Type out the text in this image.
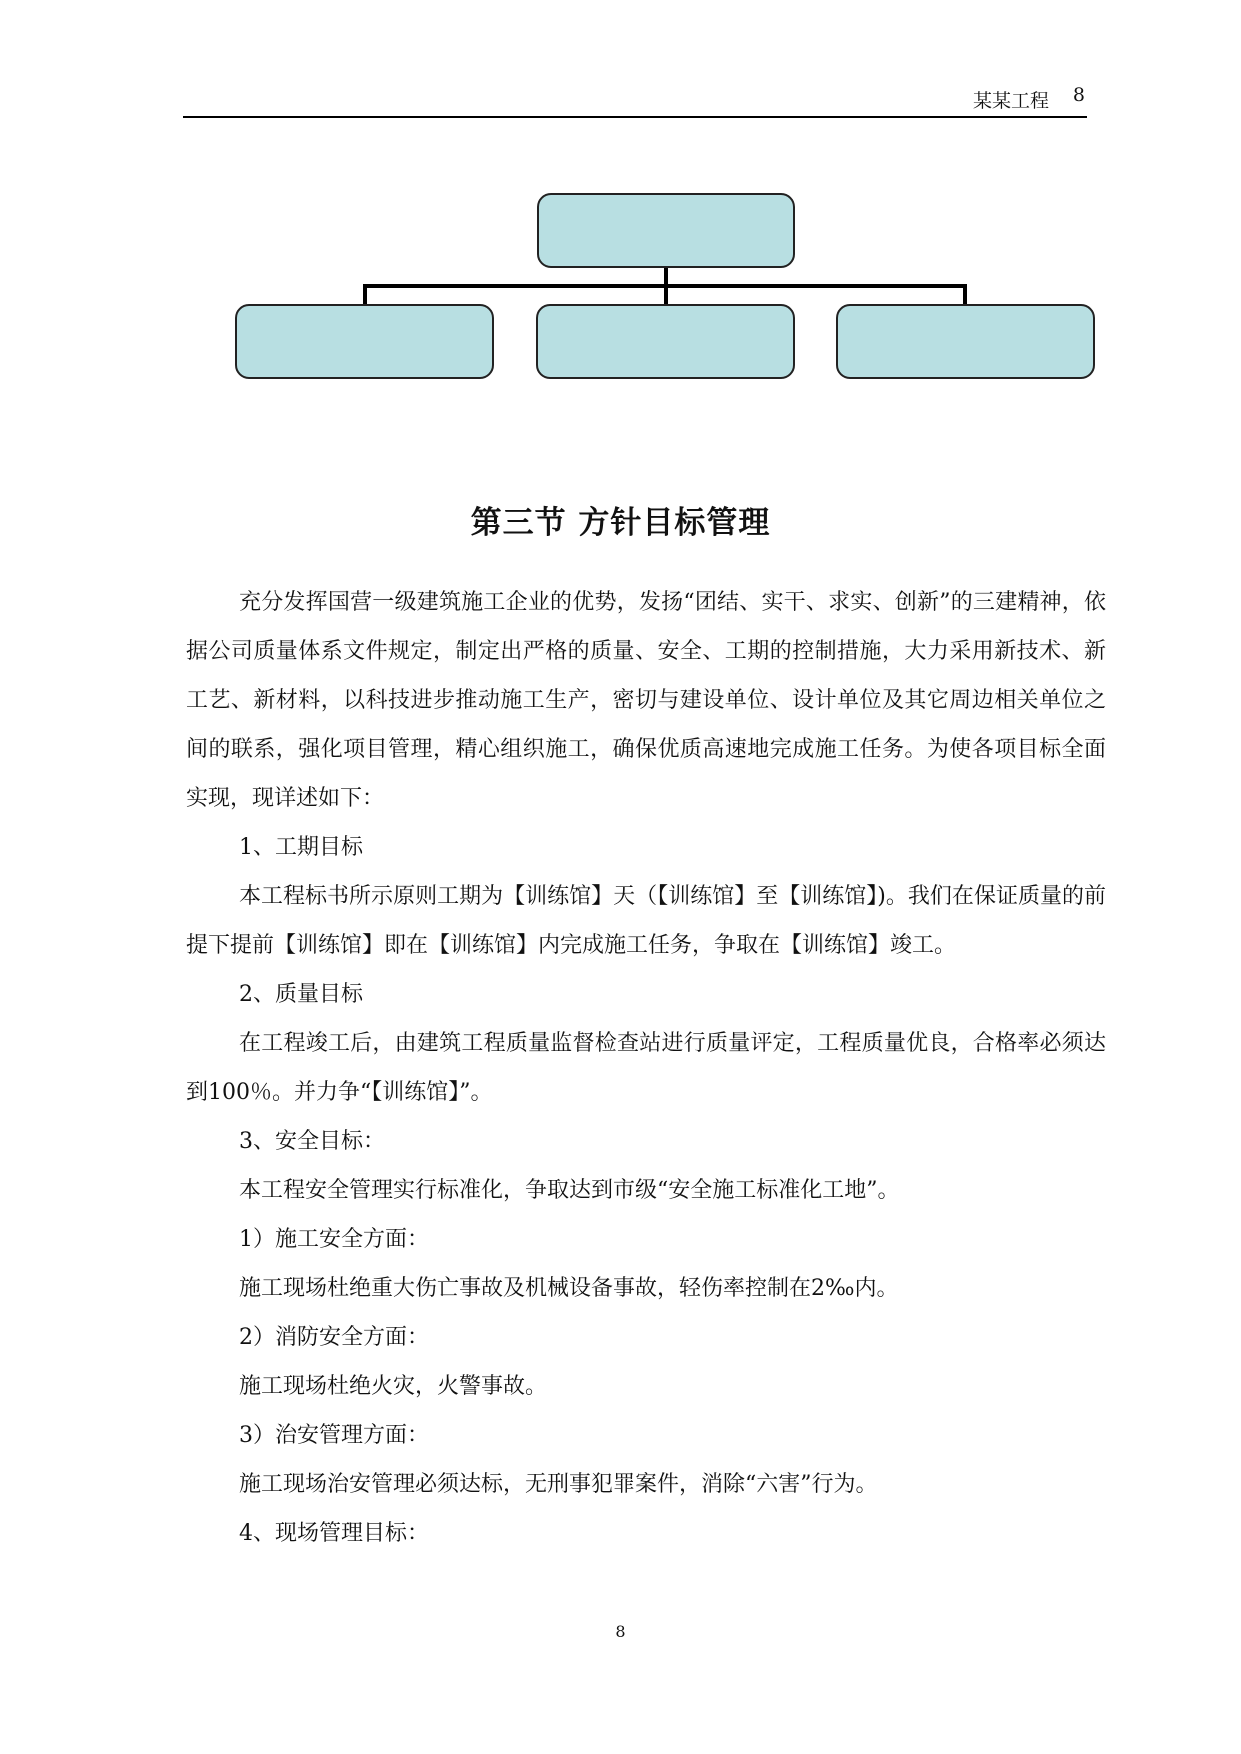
某某工程 8
第三节 方针目标管理

充分发挥国营一级建筑施工企业的优势，发扬“团结、实干、求实、创新”的三建精神，依据公司质量体系文件规定，制定出严格的质量、安全、工期的控制措施，大力采用新技术、新工艺、新材料，以科技进步推动施工生产，密切与建设单位、设计单位及其它周边相关单位之间的联系，强化项目管理，精心组织施工，确保优质高速地完成施工任务。为使各项目标全面实现，现详述如下：

1、工期目标

本工程标书所示原则工期为【训练馆】天（【训练馆】至【训练馆】)。我们在保证质量的前提下提前【训练馆】即在【训练馆】内完成施工任务，争取在【训练馆】竣工。

2、质量目标

在工程竣工后，由建筑工程质量监督检查站进行质量评定，工程质量优良，合格率必须达到100％。并力争“【训练馆】”。

3、安全目标：

本工程安全管理实行标准化，争取达到市级“安全施工标准化工地”。

1）施工安全方面：

施工现场杜绝重大伤亡事故及机械设备事故，轻伤率控制在2‰内。

2）消防安全方面：

施工现场杜绝火灾，火警事故。

3）治安管理方面：

施工现场治安管理必须达标，无刑事犯罪案件，消除“六害”行为。

4、现场管理目标：

8
